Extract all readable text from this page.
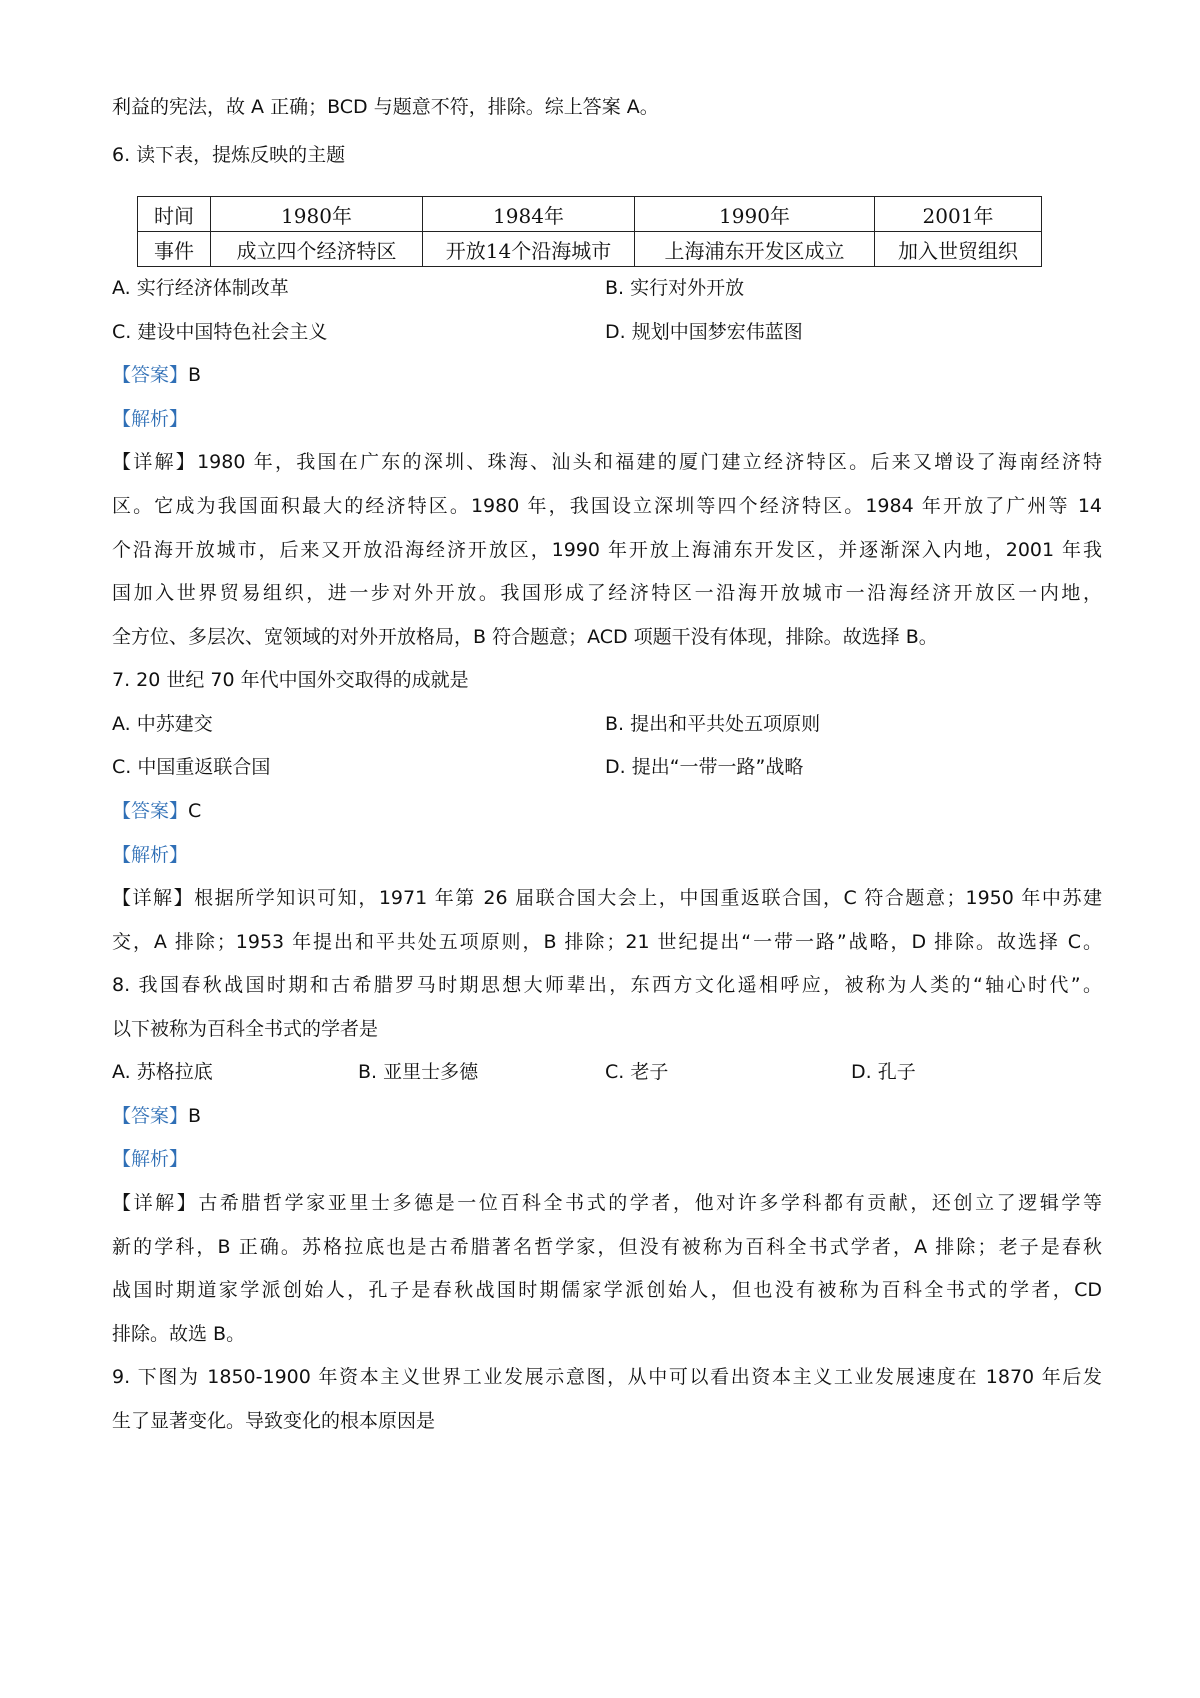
利益的宪法，故 A 正确；BCD 与题意不符，排除。综上答案 A。
6. 读下表，提炼反映的主题
时间	1980年	1984年	1990年	2001年
事件	成立四个经济特区	开放14个沿海城市	上海浦东开发区成立	加入世贸组织
A. 实行经济体制改革	B. 实行对外开放
C. 建设中国特色社会主义	D. 规划中国梦宏伟蓝图
【答案】B
【解析】
【详解】1980 年，我国在广东的深圳、珠海、汕头和福建的厦门建立经济特区。后来又增设了海南经济特
区。它成为我国面积最大的经济特区。1980 年，我国设立深圳等四个经济特区。1984 年开放了广州等 14
个沿海开放城市，后来又开放沿海经济开放区，1990 年开放上海浦东开发区，并逐渐深入内地，2001 年我
国加入世界贸易组织，进一步对外开放。我国形成了经济特区一沿海开放城市一沿海经济开放区一内地，
全方位、多层次、宽领域的对外开放格局，B 符合题意；ACD 项题干没有体现，排除。故选择 B。
7. 20 世纪 70 年代中国外交取得的成就是
A. 中苏建交	B. 提出和平共处五项原则
C. 中国重返联合国	D. 提出“一带一路”战略
【答案】C
【解析】
【详解】根据所学知识可知，1971 年第 26 届联合国大会上，中国重返联合国，C 符合题意；1950 年中苏建
交，A 排除；1953 年提出和平共处五项原则，B 排除；21 世纪提出“一带一路”战略，D 排除。故选择 C。
8. 我国春秋战国时期和古希腊罗马时期思想大师辈出，东西方文化遥相呼应，被称为人类的“轴心时代”。
以下被称为百科全书式的学者是
A. 苏格拉底	B. 亚里士多德	C. 老子	D. 孔子
【答案】B
【解析】
【详解】古希腊哲学家亚里士多德是一位百科全书式的学者，他对许多学科都有贡献，还创立了逻辑学等
新的学科，B 正确。苏格拉底也是古希腊著名哲学家，但没有被称为百科全书式学者，A 排除；老子是春秋
战国时期道家学派创始人，孔子是春秋战国时期儒家学派创始人，但也没有被称为百科全书式的学者，CD
排除。故选 B。
9. 下图为 1850-1900 年资本主义世界工业发展示意图，从中可以看出资本主义工业发展速度在 1870 年后发
生了显著变化。导致变化的根本原因是
